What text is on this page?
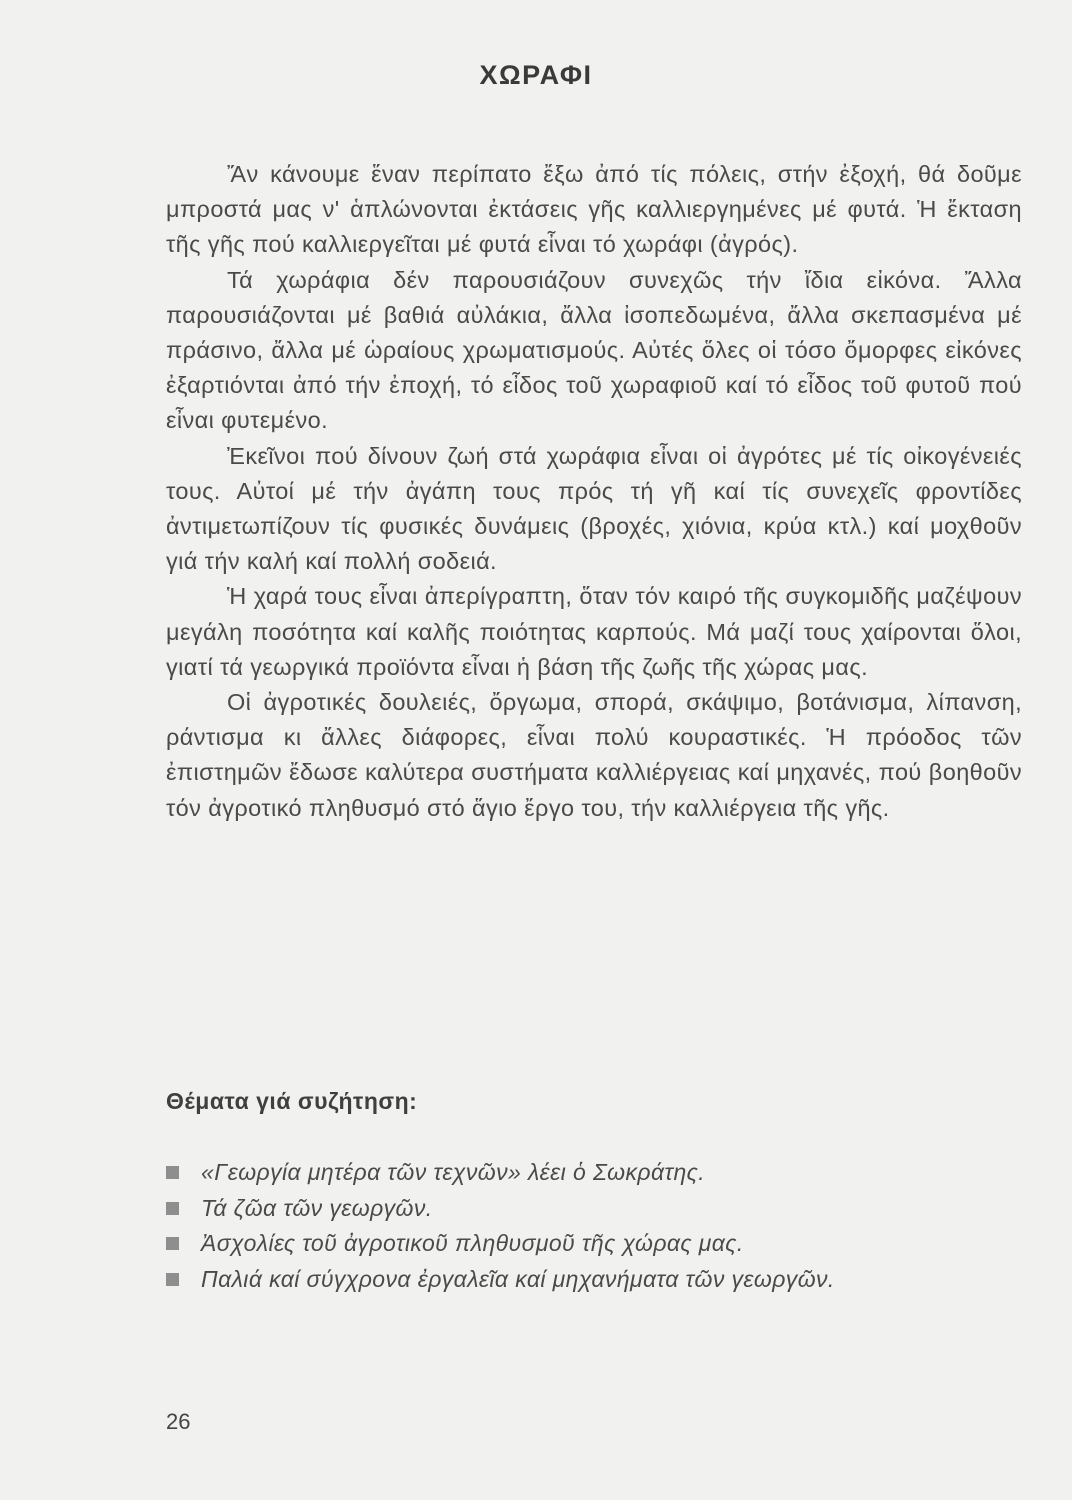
ΧΩΡΑΦΙ

Ἄν κάνουμε ἕναν περίπατο ἔξω ἀπό τίς πόλεις, στήν ἐξοχή, θά δοῦμε μπροστά μας ν' ἁπλώνονται ἐκτάσεις γῆς καλλιεργημένες μέ φυτά. Ἡ ἔκταση τῆς γῆς πού καλλιεργεῖται μέ φυτά εἶναι τό χωράφι (ἀγρός).

Τά χωράφια δέν παρουσιάζουν συνεχῶς τήν ἴδια εἰκόνα. Ἄλλα παρουσιάζονται μέ βαθιά αὐλάκια, ἄλλα ἰσοπεδωμένα, ἄλλα σκεπασμένα μέ πράσινο, ἄλλα μέ ὡραίους χρωματισμούς. Αὐτές ὅλες οἱ τόσο ὄμορφες εἰκόνες ἐξαρτιόνται ἀπό τήν ἐποχή, τό εἶδος τοῦ χωραφιοῦ καί τό εἶδος τοῦ φυτοῦ πού εἶναι φυτεμένο.

Ἐκεῖνοι πού δίνουν ζωή στά χωράφια εἶναι οἱ ἀγρότες μέ τίς οἰκογένειές τους. Αὐτοί μέ τήν ἀγάπη τους πρός τή γῆ καί τίς συνεχεῖς φροντίδες ἀντιμετωπίζουν τίς φυσικές δυνάμεις (βροχές, χιόνια, κρύα κτλ.) καί μοχθοῦν γιά τήν καλή καί πολλή σοδειά.

Ἡ χαρά τους εἶναι ἀπερίγραπτη, ὅταν τόν καιρό τῆς συγκομιδῆς μαζέψουν μεγάλη ποσότητα καί καλῆς ποιότητας καρπούς. Μά μαζί τους χαίρονται ὅλοι, γιατί τά γεωργικά προϊόντα εἶναι ἡ βάση τῆς ζωῆς τῆς χώρας μας.

Οἱ ἀγροτικές δουλειές, ὄργωμα, σπορά, σκάψιμο, βοτάνισμα, λίπανση, ράντισμα κι ἄλλες διάφορες, εἶναι πολύ κουραστικές. Ἡ πρόοδος τῶν ἐπιστημῶν ἔδωσε καλύτερα συστήματα καλλιέργειας καί μηχανές, πού βοηθοῦν τόν ἀγροτικό πληθυσμό στό ἅγιο ἔργο του, τήν καλλιέργεια τῆς γῆς.

Θέματα γιά συζήτηση:
«Γεωργία μητέρα τῶν τεχνῶν» λέει ὁ Σωκράτης.
Τά ζῶα τῶν γεωργῶν.
Ἀσχολίες τοῦ ἀγροτικοῦ πληθυσμοῦ τῆς χώρας μας.
Παλιά καί σύγχρονα ἐργαλεῖα καί μηχανήματα τῶν γεωργῶν.
26
